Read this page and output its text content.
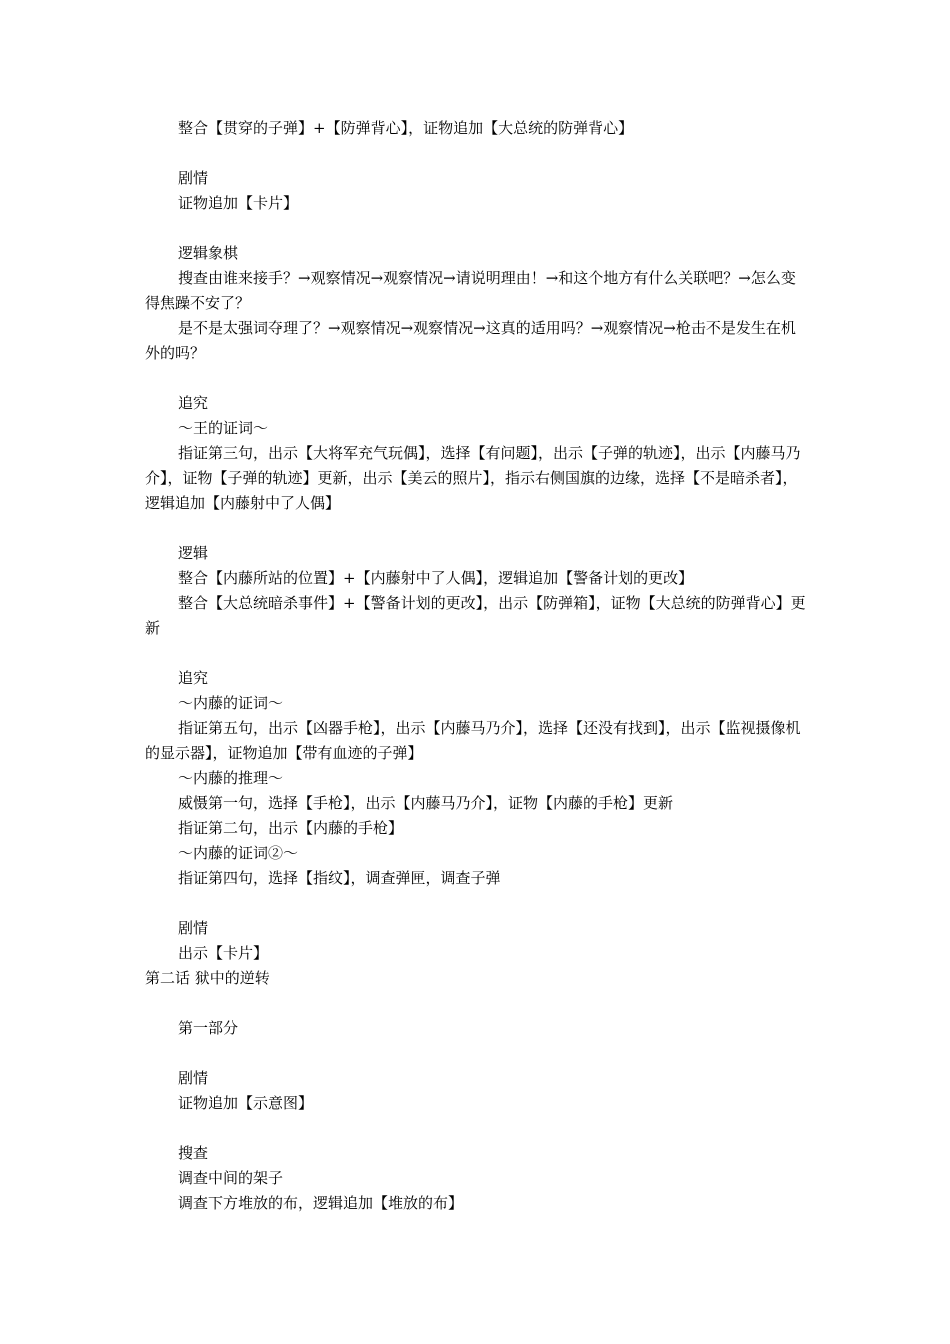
整合【贯穿的子弹】+【防弹背心】，证物追加【大总统的防弹背心】
剧情
证物追加【卡片】
逻辑象棋
搜查由谁来接手？→观察情况→观察情况→请说明理由！→和这个地方有什么关联吧？→怎么变得焦躁不安了？
是不是太强词夺理了？→观察情况→观察情况→这真的适用吗？→观察情况→枪击不是发生在机外的吗？
追究
～王的证词～
指证第三句，出示【大将军充气玩偶】，选择【有问题】，出示【子弹的轨迹】，出示【内藤马乃介】，证物【子弹的轨迹】更新，出示【美云的照片】，指示右侧国旗的边缘，选择【不是暗杀者】，逻辑追加【内藤射中了人偶】
逻辑
整合【内藤所站的位置】+【内藤射中了人偶】，逻辑追加【警备计划的更改】
整合【大总统暗杀事件】+【警备计划的更改】，出示【防弹箱】，证物【大总统的防弹背心】更新
追究
～内藤的证词～
指证第五句，出示【凶器手枪】，出示【内藤马乃介】，选择【还没有找到】，出示【监视摄像机的显示器】，证物追加【带有血迹的子弹】
～内藤的推理～
威慑第一句，选择【手枪】，出示【内藤马乃介】，证物【内藤的手枪】更新
指证第二句，出示【内藤的手枪】
～内藤的证词②～
指证第四句，选择【指纹】，调查弹匣，调查子弹
剧情
出示【卡片】
第二话 狱中的逆转
第一部分
剧情
证物追加【示意图】
搜查
调查中间的架子
调查下方堆放的布，逻辑追加【堆放的布】
